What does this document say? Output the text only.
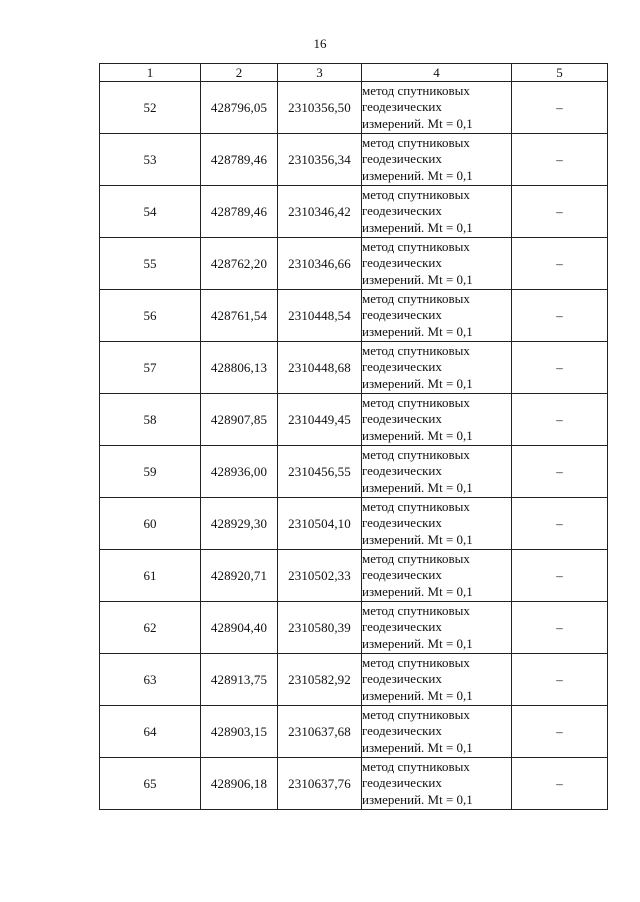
16
1	2	3	4	5
52	428796,05	2310356,50	метод спутниковых
геодезических
измерений. Mt = 0,1	–
53	428789,46	2310356,34	метод спутниковых
геодезических
измерений. Mt = 0,1	–
54	428789,46	2310346,42	метод спутниковых
геодезических
измерений. Mt = 0,1	–
55	428762,20	2310346,66	метод спутниковых
геодезических
измерений. Mt = 0,1	–
56	428761,54	2310448,54	метод спутниковых
геодезических
измерений. Mt = 0,1	–
57	428806,13	2310448,68	метод спутниковых
геодезических
измерений. Mt = 0,1	–
58	428907,85	2310449,45	метод спутниковых
геодезических
измерений. Mt = 0,1	–
59	428936,00	2310456,55	метод спутниковых
геодезических
измерений. Mt = 0,1	–
60	428929,30	2310504,10	метод спутниковых
геодезических
измерений. Mt = 0,1	–
61	428920,71	2310502,33	метод спутниковых
геодезических
измерений. Mt = 0,1	–
62	428904,40	2310580,39	метод спутниковых
геодезических
измерений. Mt = 0,1	–
63	428913,75	2310582,92	метод спутниковых
геодезических
измерений. Mt = 0,1	–
64	428903,15	2310637,68	метод спутниковых
геодезических
измерений. Mt = 0,1	–
65	428906,18	2310637,76	метод спутниковых
геодезических
измерений. Mt = 0,1	–
